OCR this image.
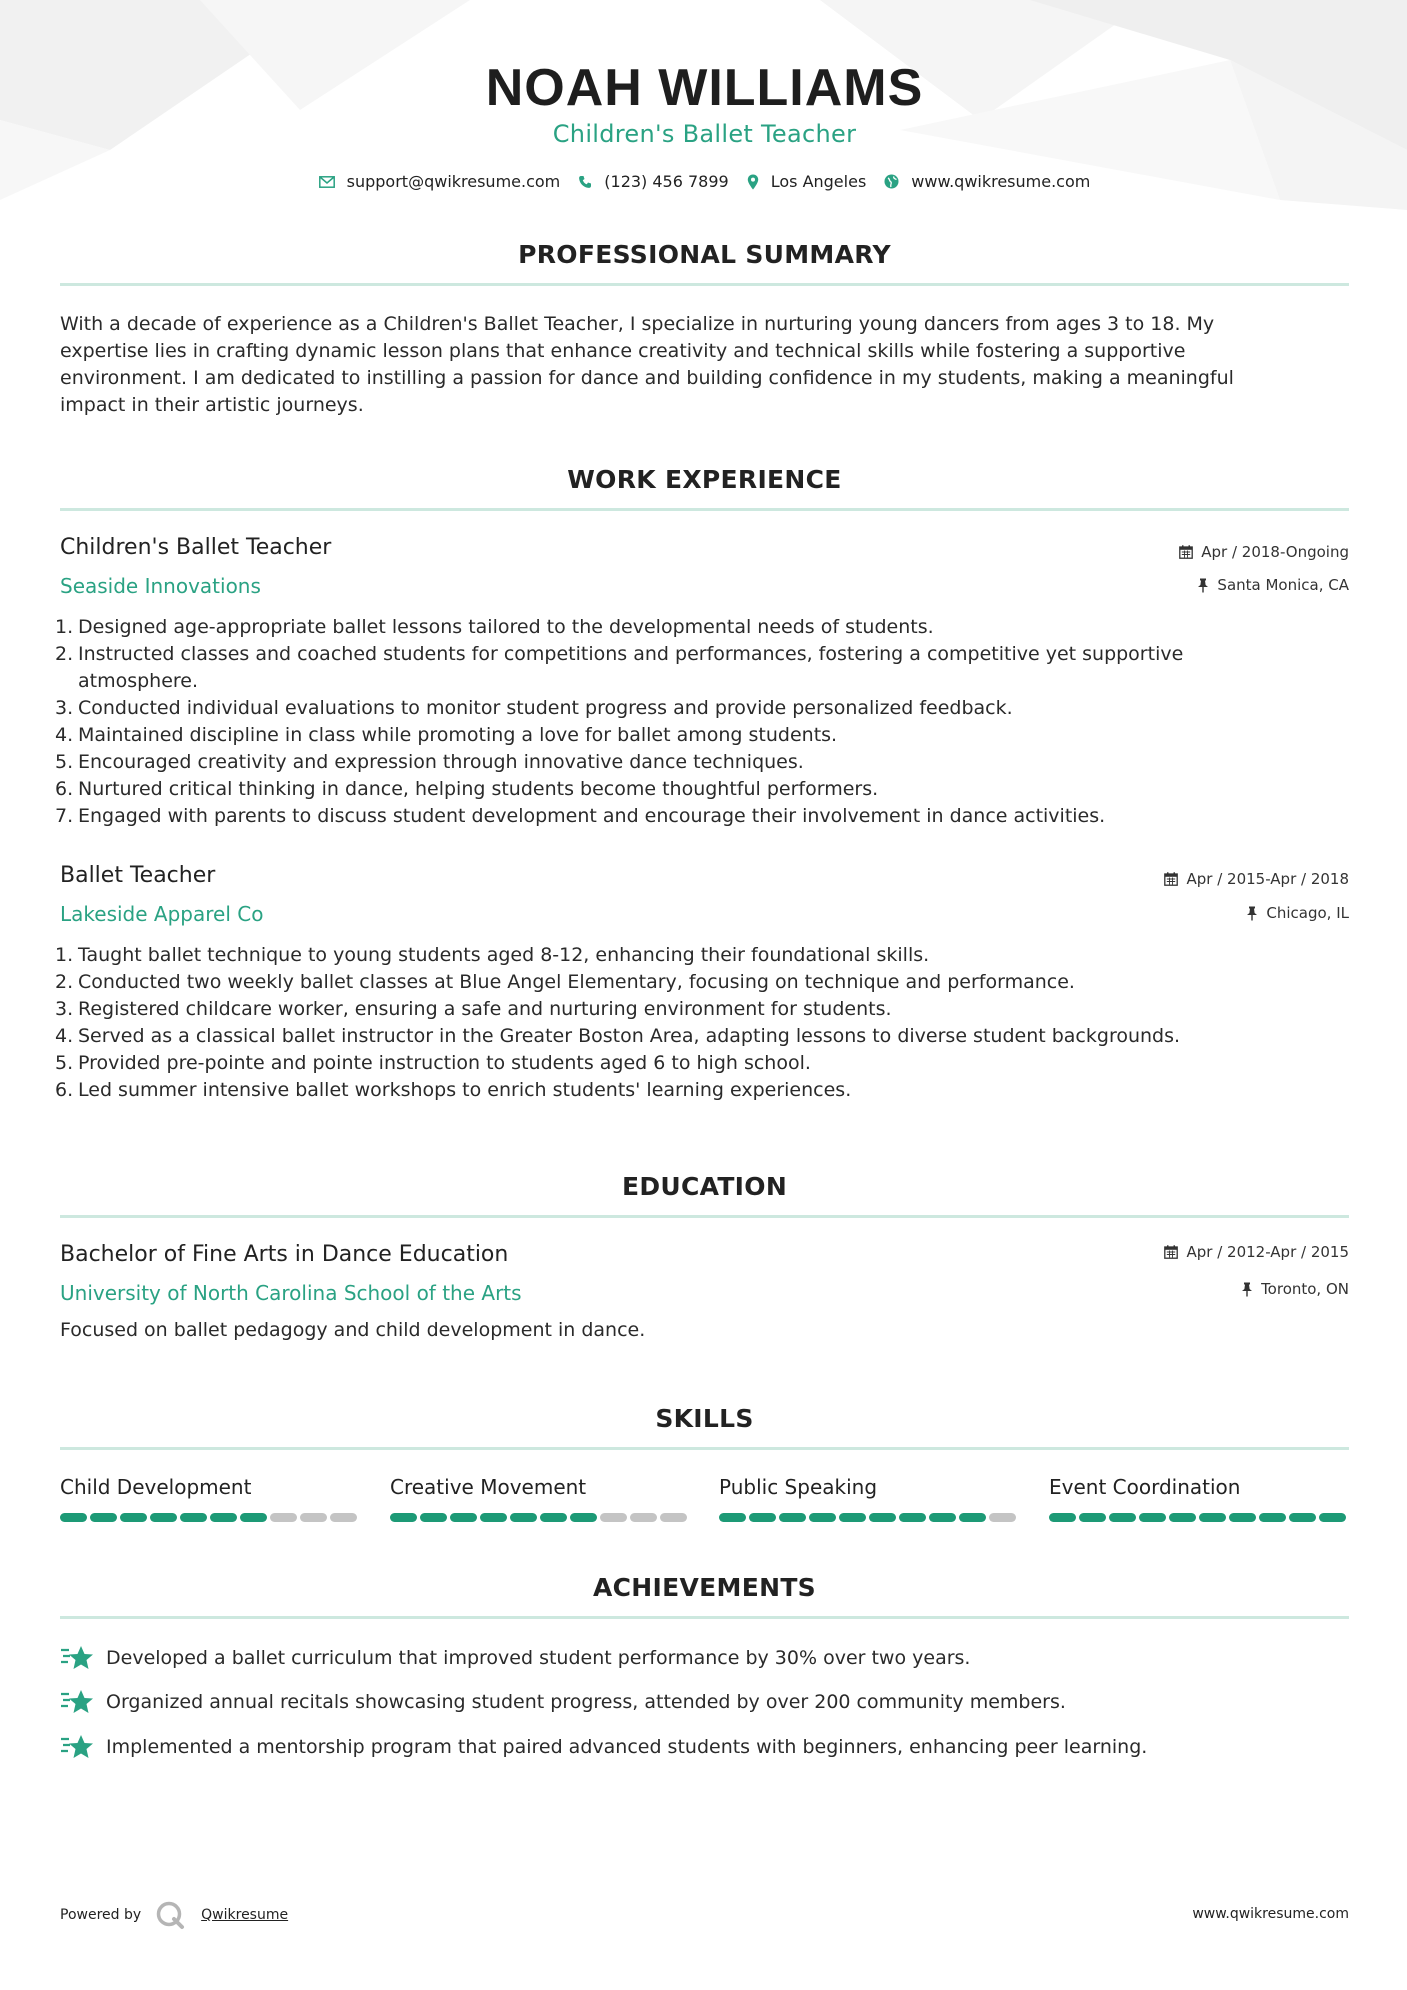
NOAH WILLIAMS
Children's Ballet Teacher
support@qwikresume.com	(123) 456 7899	Los Angeles	www.qwikresume.com
PROFESSIONAL SUMMARY
With a decade of experience as a Children's Ballet Teacher, I specialize in nurturing young dancers from ages 3 to 18. My
expertise lies in crafting dynamic lesson plans that enhance creativity and technical skills while fostering a supportive
environment. I am dedicated to instilling a passion for dance and building confidence in my students, making a meaningful
impact in their artistic journeys.
WORK EXPERIENCE
Children's Ballet Teacher	Apr / 2018-Ongoing
Seaside Innovations	Santa Monica, CA
1. Designed age-appropriate ballet lessons tailored to the developmental needs of students.
2. Instructed classes and coached students for competitions and performances, fostering a competitive yet supportive
atmosphere.
3. Conducted individual evaluations to monitor student progress and provide personalized feedback.
4. Maintained discipline in class while promoting a love for ballet among students.
5. Encouraged creativity and expression through innovative dance techniques.
6. Nurtured critical thinking in dance, helping students become thoughtful performers.
7. Engaged with parents to discuss student development and encourage their involvement in dance activities.
Ballet Teacher	Apr / 2015-Apr / 2018
Lakeside Apparel Co	Chicago, IL
1. Taught ballet technique to young students aged 8-12, enhancing their foundational skills.
2. Conducted two weekly ballet classes at Blue Angel Elementary, focusing on technique and performance.
3. Registered childcare worker, ensuring a safe and nurturing environment for students.
4. Served as a classical ballet instructor in the Greater Boston Area, adapting lessons to diverse student backgrounds.
5. Provided pre-pointe and pointe instruction to students aged 6 to high school.
6. Led summer intensive ballet workshops to enrich students' learning experiences.
EDUCATION
Bachelor of Fine Arts in Dance Education	Apr / 2012-Apr / 2015
University of North Carolina School of the Arts	Toronto, ON
Focused on ballet pedagogy and child development in dance.
SKILLS
Child Development	Creative Movement	Public Speaking	Event Coordination
ACHIEVEMENTS
Developed a ballet curriculum that improved student performance by 30% over two years.
Organized annual recitals showcasing student progress, attended by over 200 community members.
Implemented a mentorship program that paired advanced students with beginners, enhancing peer learning.
Powered by	Qwikresume	www.qwikresume.com
